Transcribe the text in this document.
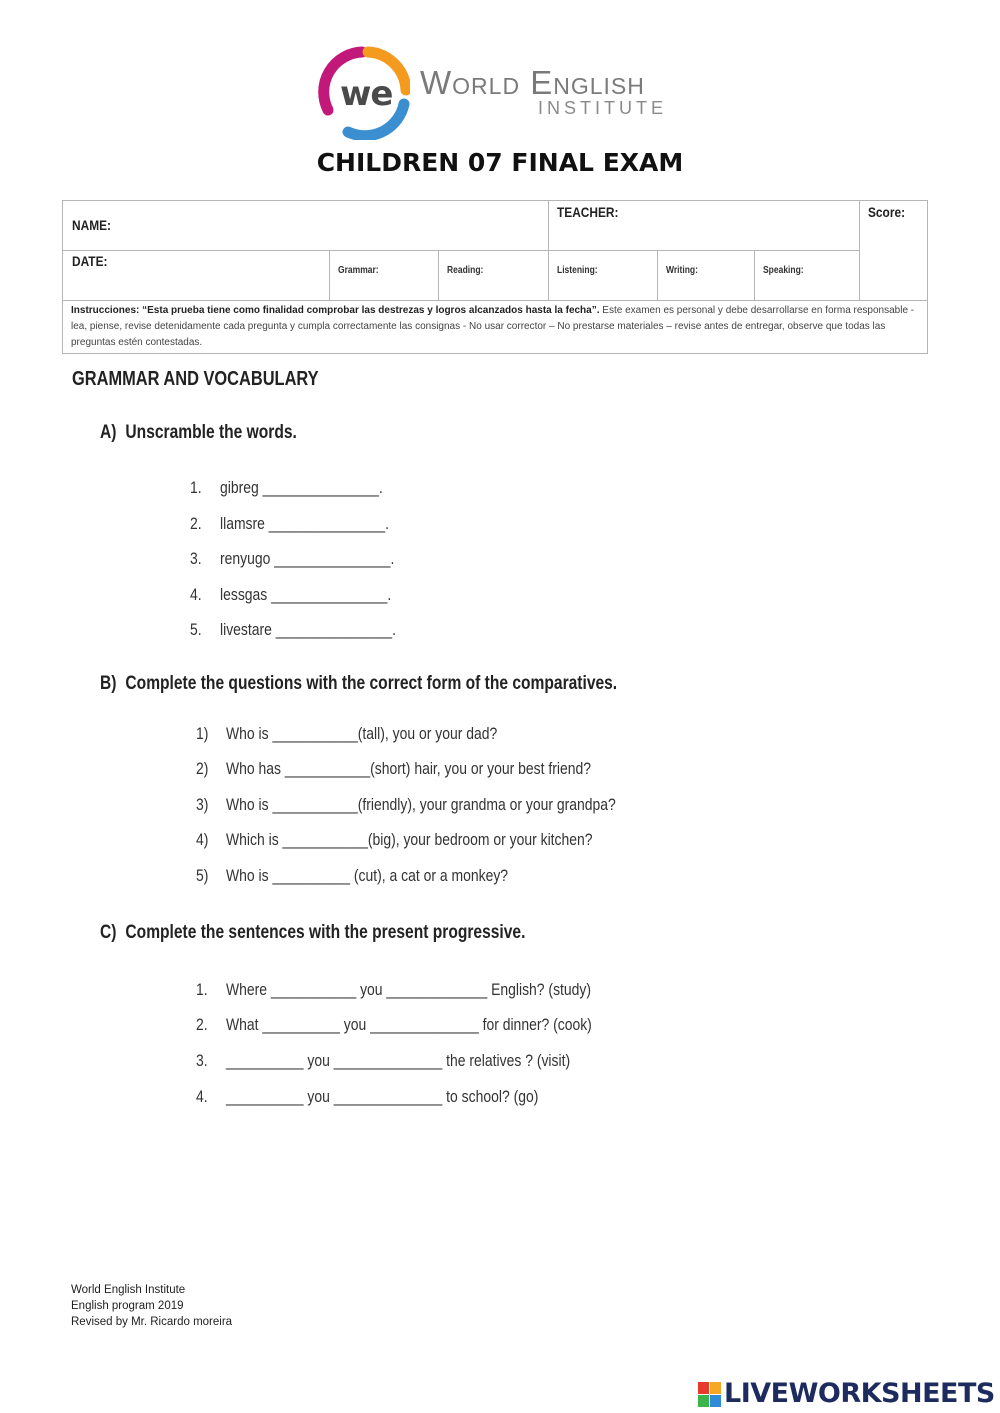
we World English
INSTITUTE
CHILDREN 07 FINAL EXAM
NAME:			TEACHER:			Score:
DATE:	Grammar:	Reading:	Listening:	Writing:	Speaking:	
Instrucciones: “Esta prueba tiene como finalidad comprobar las destrezas y logros alcanzados hasta la fecha”. Este examen es personal y debe desarrollarse en forma responsable - lea, piense, revise detenidamente cada pregunta y cumpla correctamente las consignas - No usar corrector – No prestarse materiales – revise antes de entregar, observe que todas las preguntas estén contestadas.						
GRAMMAR AND VOCABULARY
A) Unscramble the words.
1. gibreg _______________.
2. llamsre _______________.
3. renyugo _______________.
4. lessgas _______________.
5. livestare _______________.
B) Complete the questions with the correct form of the comparatives.
1) Who is ___________(tall), you or your dad?
2) Who has ___________(short) hair, you or your best friend?
3) Who is ___________(friendly), your grandma or your grandpa?
4) Which is ___________(big), your bedroom or your kitchen?
5) Who is __________ (cut), a cat or a monkey?
C) Complete the sentences with the present progressive.
1. Where ___________ you _____________ English? (study)
2. What __________ you ______________ for dinner? (cook)
3. __________ you ______________ the relatives ? (visit)
4. __________ you ______________ to school? (go)
World English Institute
English program 2019
Revised by Mr. Ricardo moreira
LIVEWORKSHEETS
